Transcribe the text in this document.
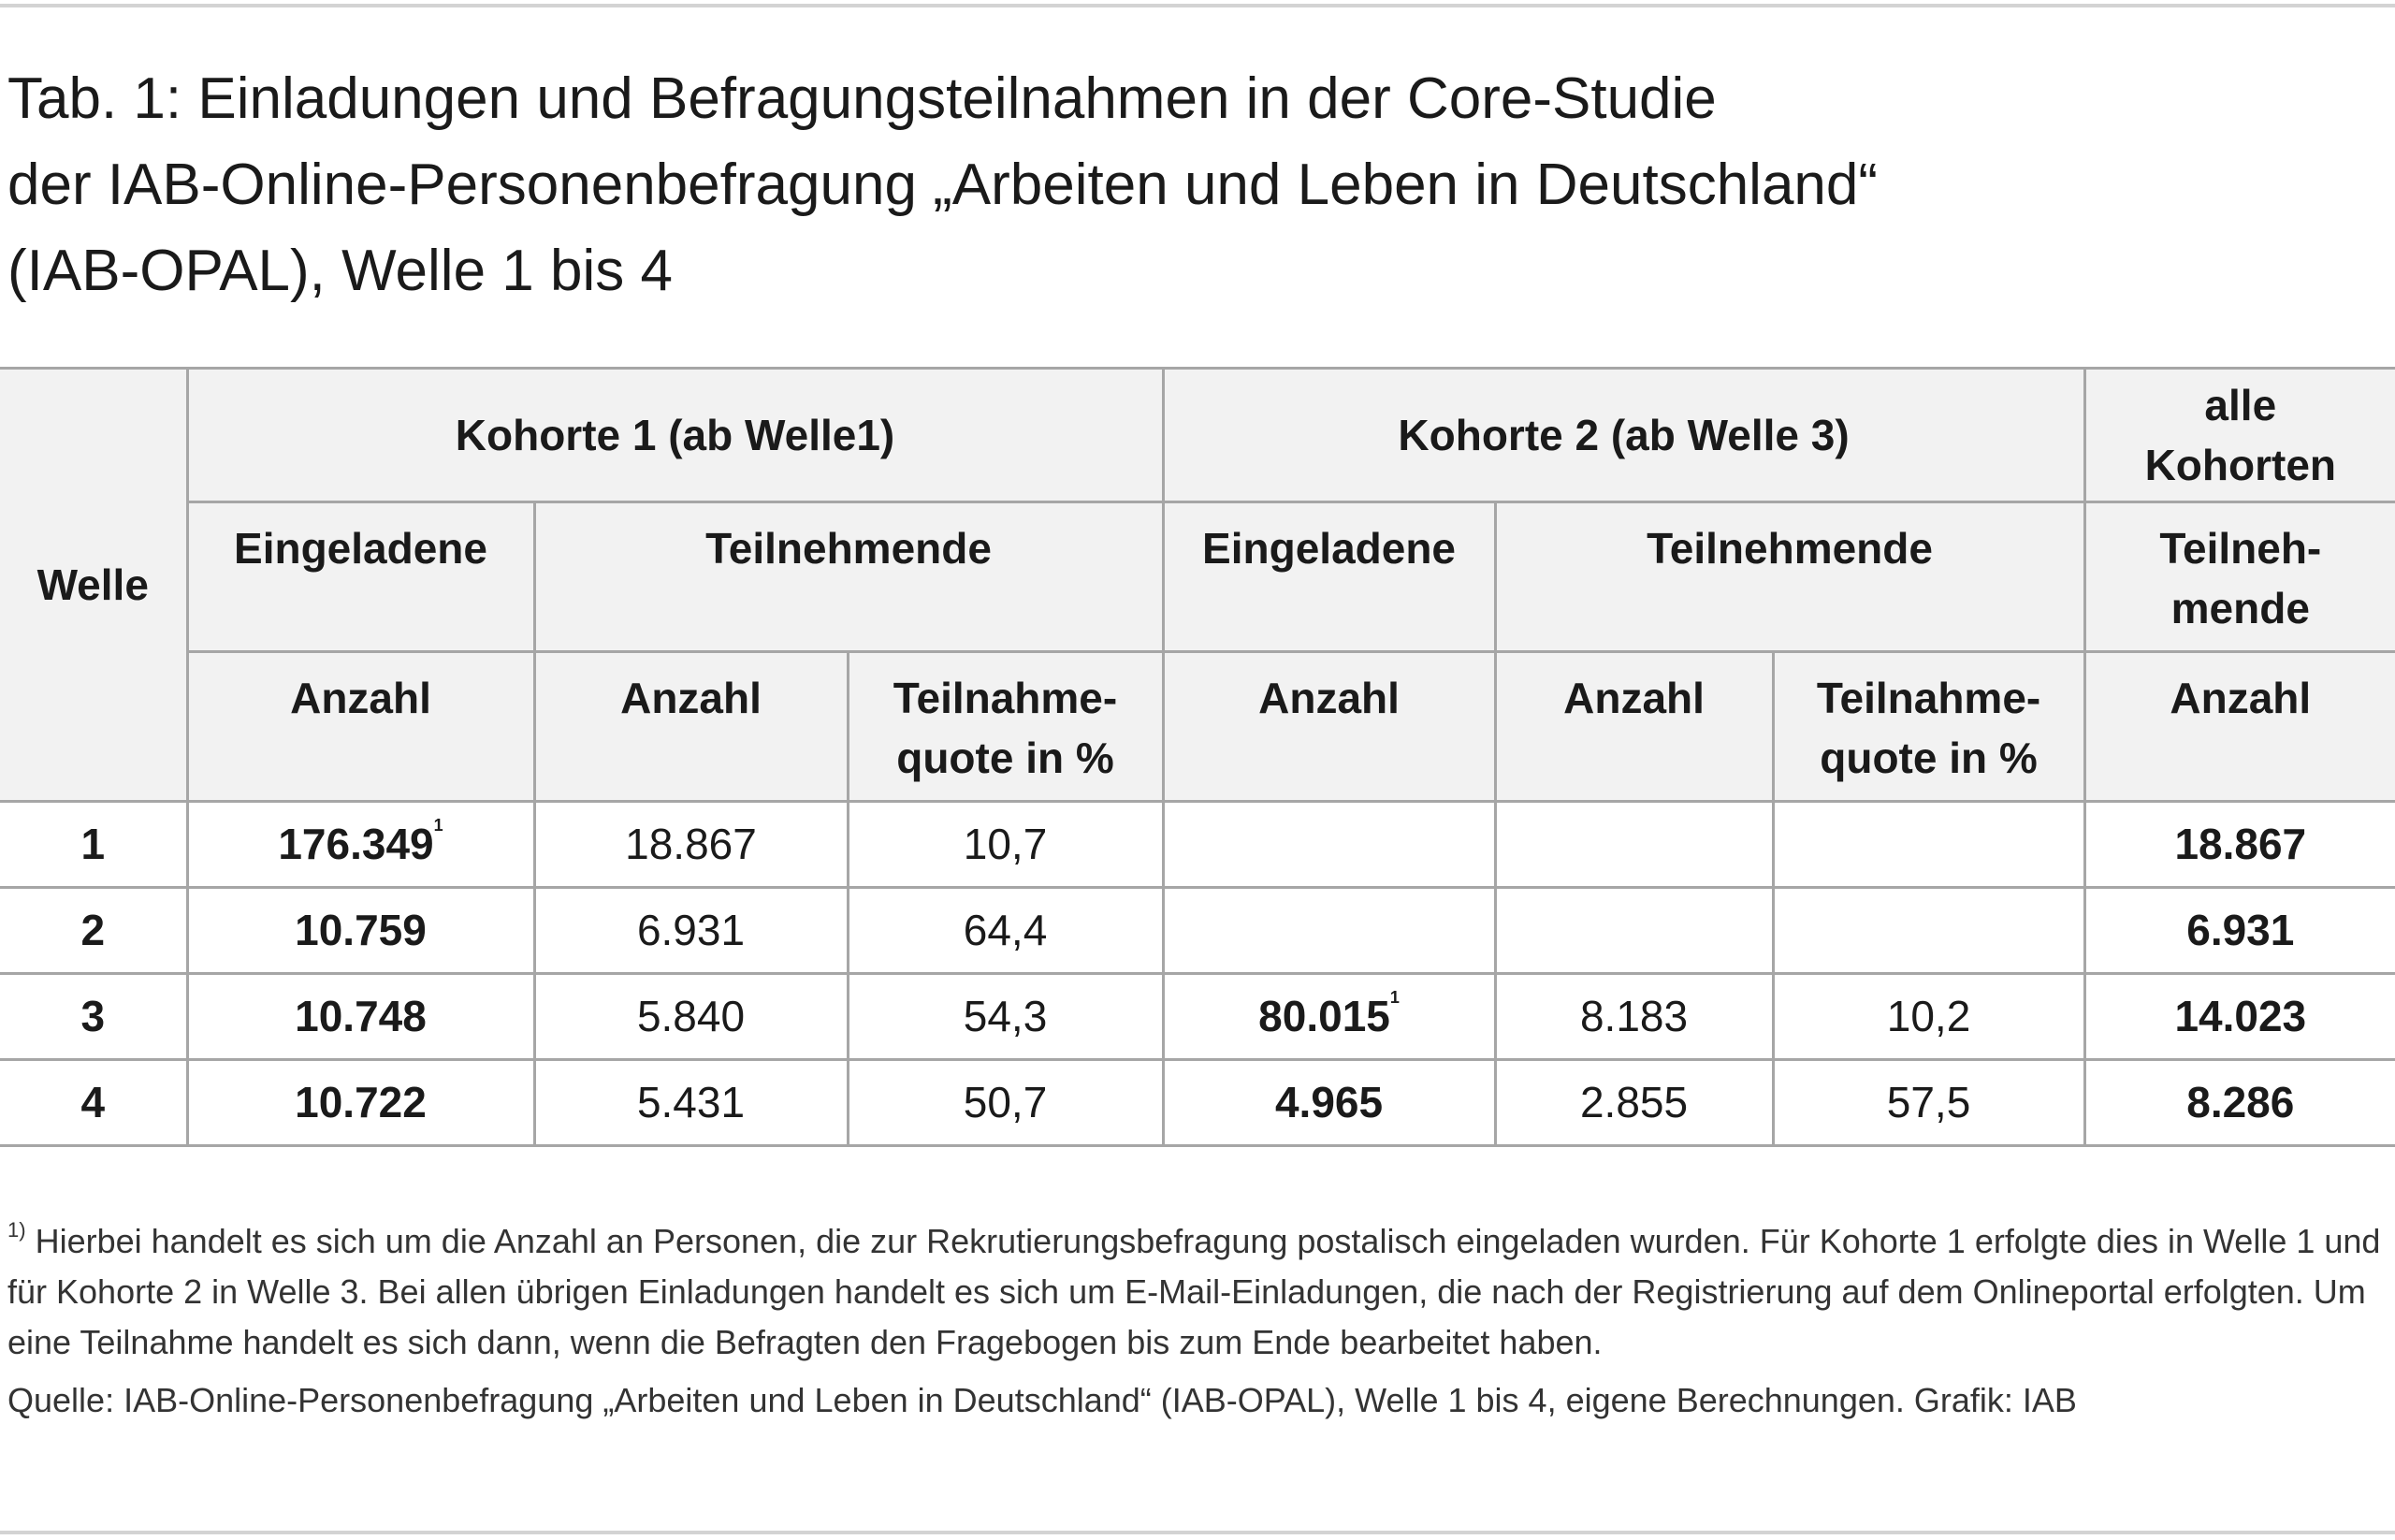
Tab. 1: Einladungen und Befragungsteilnahmen in der Core-Studie
der IAB-Online-Personenbefragung „Arbeiten und Leben in Deutschland“
(IAB-OPAL), Welle 1 bis 4
Welle	Kohorte 1 (ab Welle1)			Kohorte 2 (ab Welle 3)			alle
Kohorten
	Eingeladene	Teilnehmende		Eingeladene	Teilnehmende		Teilneh-
mende
	Anzahl	Anzahl	Teilnahme-
quote in %	Anzahl	Anzahl	Teilnahme-
quote in %	Anzahl
1	176.349$^1$	18.867	10,7				18.867
2	10.759	6.931	64,4				6.931
3	10.748	5.840	54,3	80.015$^1$	8.183	10,2	14.023
4	10.722	5.431	50,7	4.965	2.855	57,5	8.286

$^{1)}$ Hierbei handelt es sich um die Anzahl an Personen, die zur Rekrutierungsbefragung postalisch eingeladen wurden. Für Kohorte 1 erfolgte dies in Welle 1 und für Kohorte 2 in Welle 3. Bei allen übrigen Einladungen handelt es sich um E-Mail-Einladungen, die nach der Registrierung auf dem Onlineportal erfolgten. Um eine Teilnahme handelt es sich dann, wenn die Befragten den Fragebogen bis zum Ende bearbeitet haben.

Quelle: IAB-Online-Personenbefragung „Arbeiten und Leben in Deutschland“ (IAB-OPAL), Welle 1 bis 4, eigene Berechnungen. Grafik: IAB
